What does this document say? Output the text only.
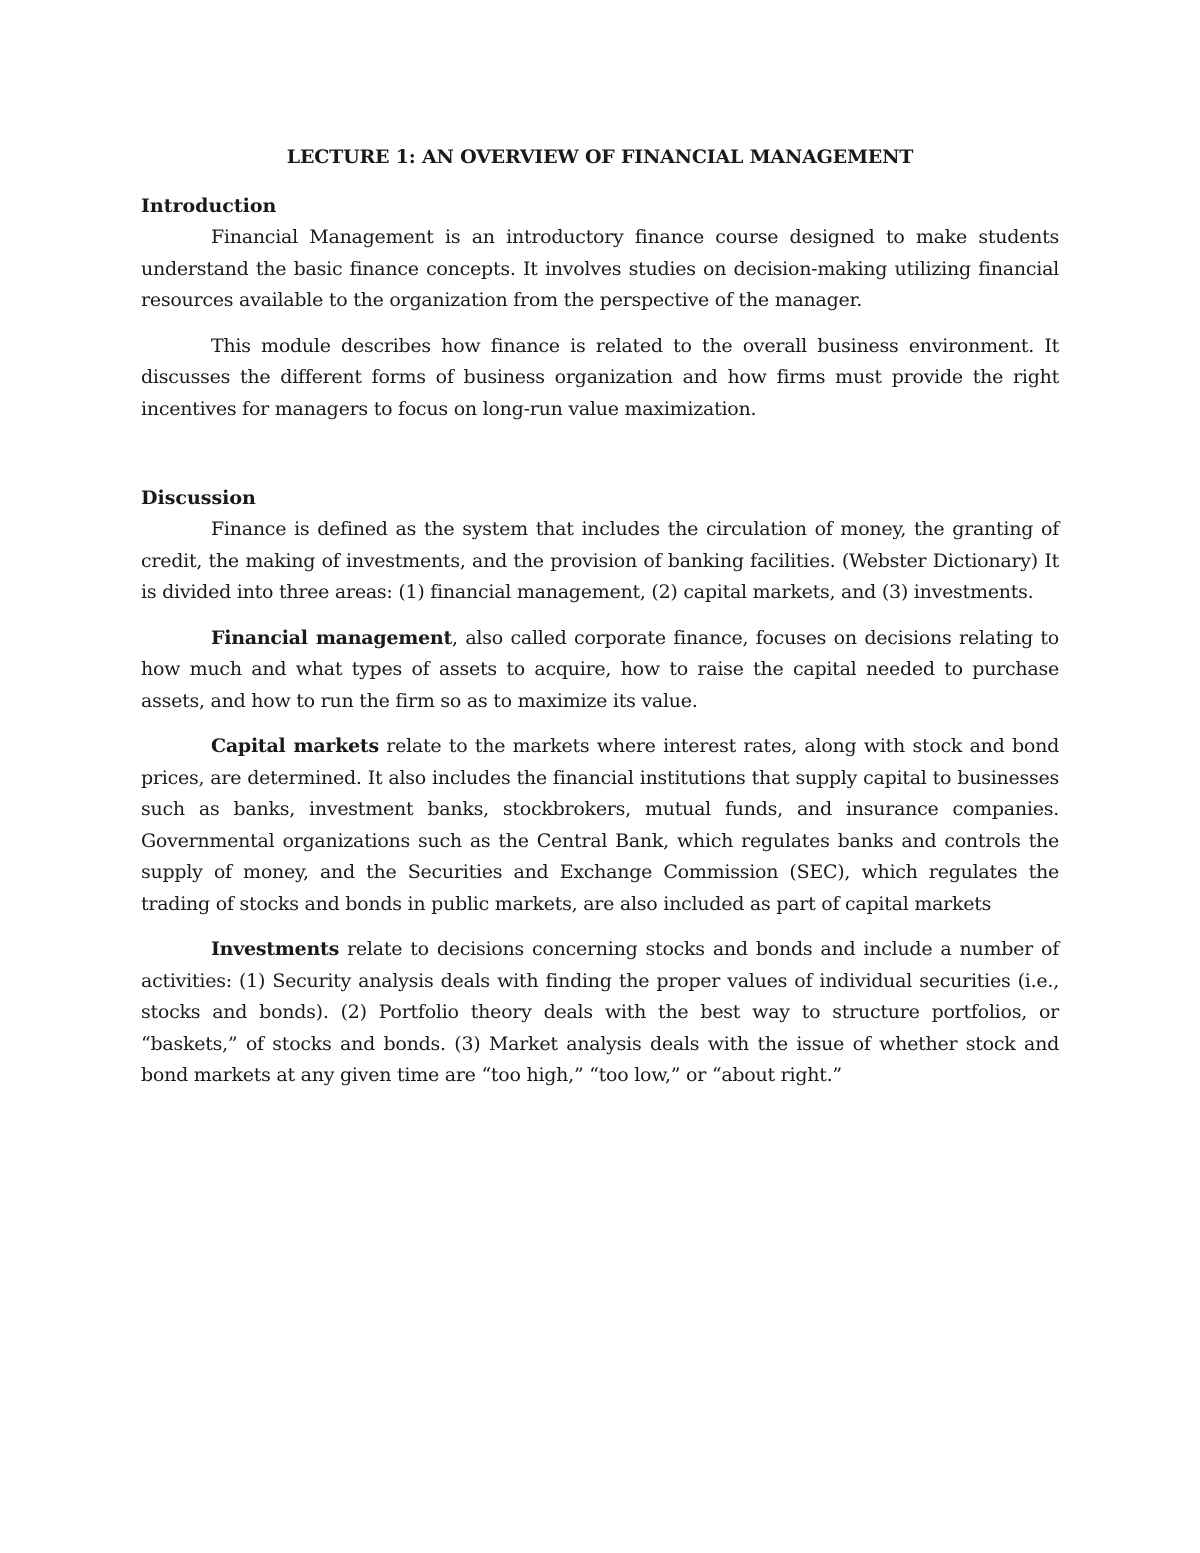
LECTURE 1: AN OVERVIEW OF FINANCIAL MANAGEMENT
Introduction

Financial Management is an introductory finance course designed to make students understand the basic finance concepts. It involves studies on decision-making utilizing financial resources available to the organization from the perspective of the manager.

This module describes how finance is related to the overall business environment. It discusses the different forms of business organization and how firms must provide the right incentives for managers to focus on long-run value maximization.

Discussion

Finance is defined as the system that includes the circulation of money, the granting of credit, the making of investments, and the provision of banking facilities. (Webster Dictionary) It is divided into three areas: (1) financial management, (2) capital markets, and (3) investments.

Financial management, also called corporate finance, focuses on decisions relating to how much and what types of assets to acquire, how to raise the capital needed to purchase assets, and how to run the firm so as to maximize its value.

Capital markets relate to the markets where interest rates, along with stock and bond prices, are determined. It also includes the financial institutions that supply capital to businesses such as banks, investment banks, stockbrokers, mutual funds, and insurance companies. Governmental organizations such as the Central Bank, which regulates banks and controls the supply of money, and the Securities and Exchange Commission (SEC), which regulates the trading of stocks and bonds in public markets, are also included as part of capital markets

Investments relate to decisions concerning stocks and bonds and include a number of activities: (1) Security analysis deals with finding the proper values of individual securities (i.e., stocks and bonds). (2) Portfolio theory deals with the best way to structure portfolios, or “baskets,” of stocks and bonds. (3) Market analysis deals with the issue of whether stock and bond markets at any given time are “too high,” “too low,” or “about right.”
